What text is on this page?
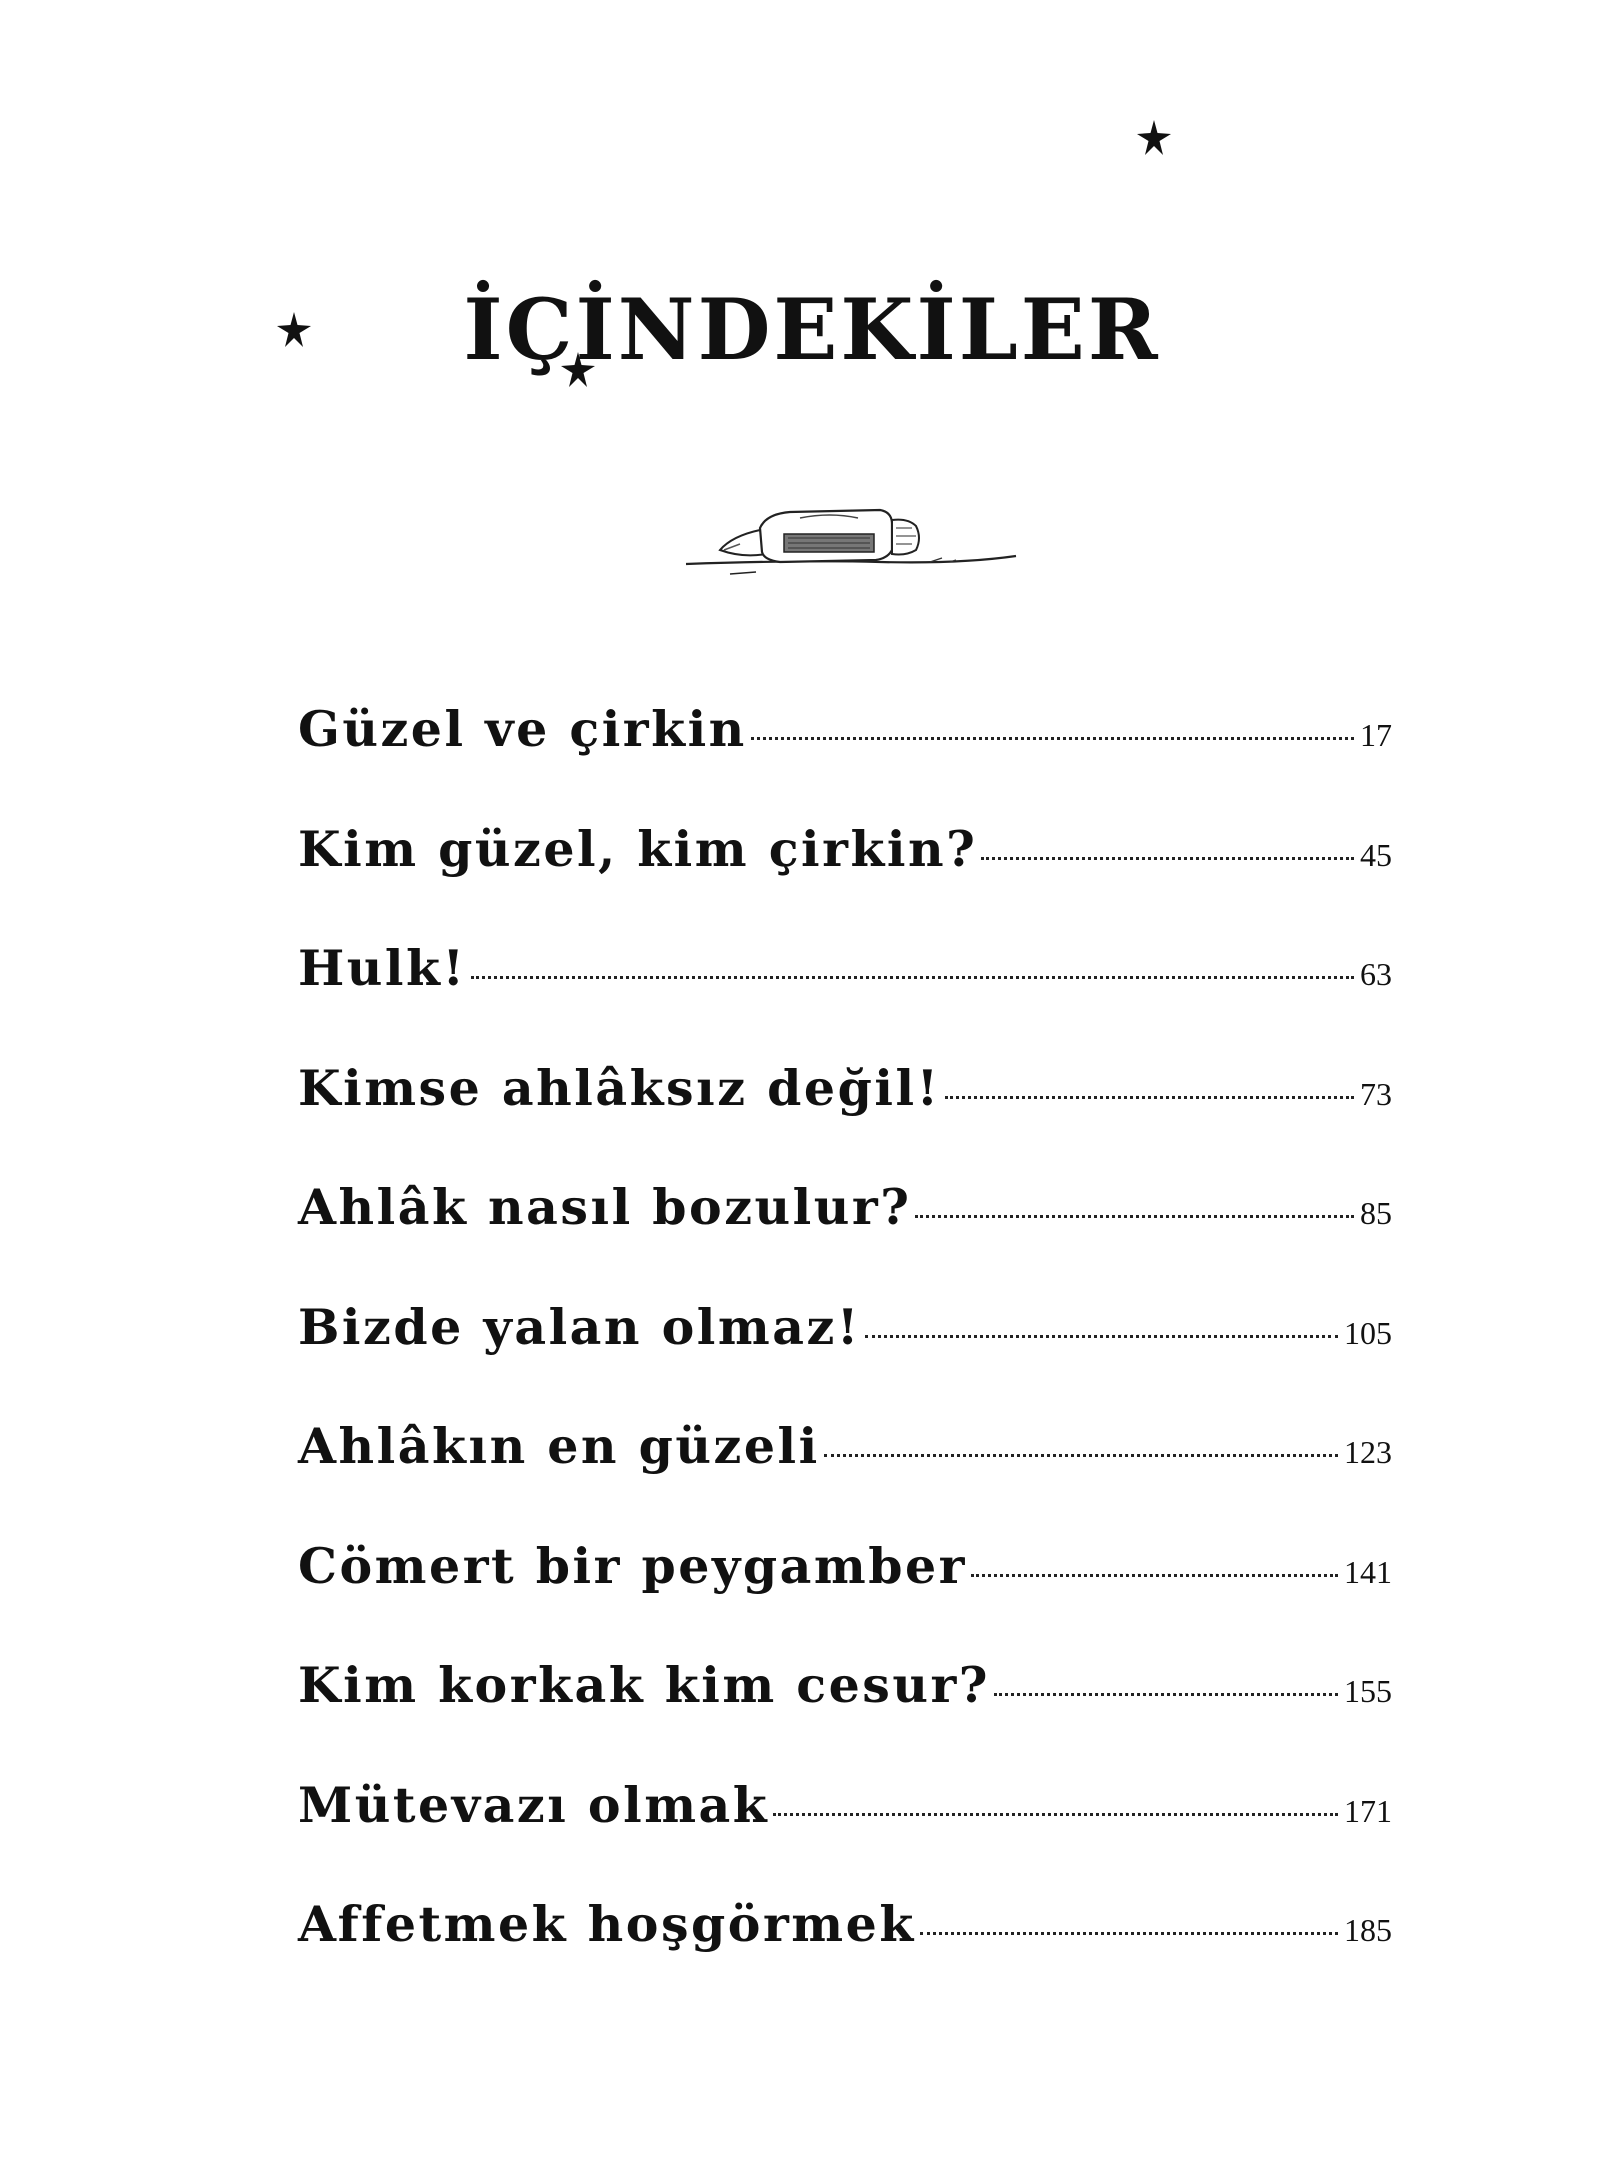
İÇİNDEKİLER
Güzel ve çirkin	17
Kim güzel, kim çirkin?	45
Hulk!	63
Kimse ahlâksız değil!	73
Ahlâk nasıl bozulur?	85
Bizde yalan olmaz!	105
Ahlâkın en güzeli	123
Cömert bir peygamber	141
Kim korkak kim cesur?	155
Mütevazı olmak	171
Affetmek hoşgörmek	185
